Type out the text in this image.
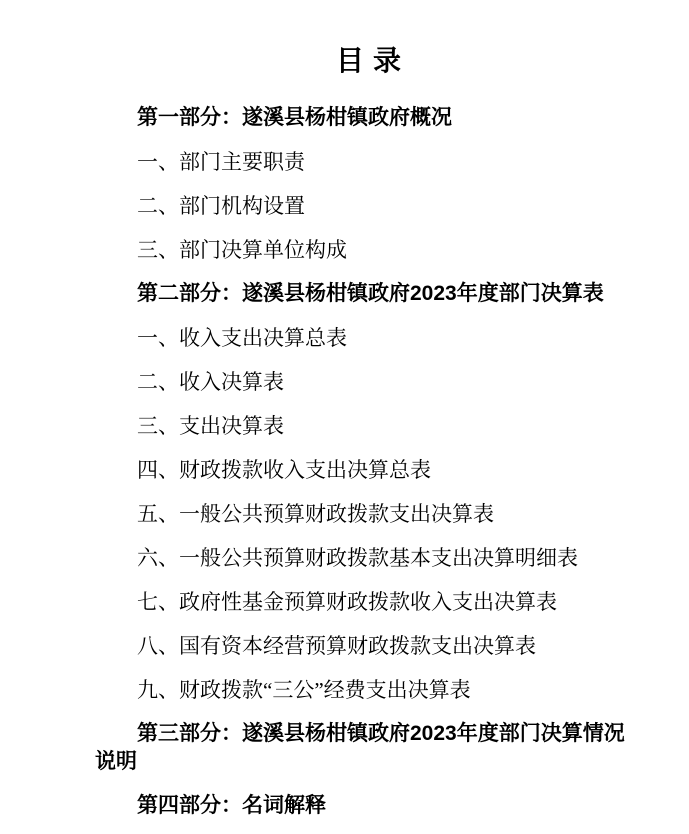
目 录

第一部分：遂溪县杨柑镇政府概况

一、部门主要职责

二、部门机构设置

三、部门决算单位构成

第二部分：遂溪县杨柑镇政府2023年度部门决算表

一、收入支出决算总表

二、收入决算表

三、支出决算表

四、财政拨款收入支出决算总表

五、一般公共预算财政拨款支出决算表

六、一般公共预算财政拨款基本支出决算明细表

七、政府性基金预算财政拨款收入支出决算表

八、国有资本经营预算财政拨款支出决算表

九、财政拨款“三公”经费支出决算表

第三部分：遂溪县杨柑镇政府2023年度部门决算情况说明

第四部分：名词解释
